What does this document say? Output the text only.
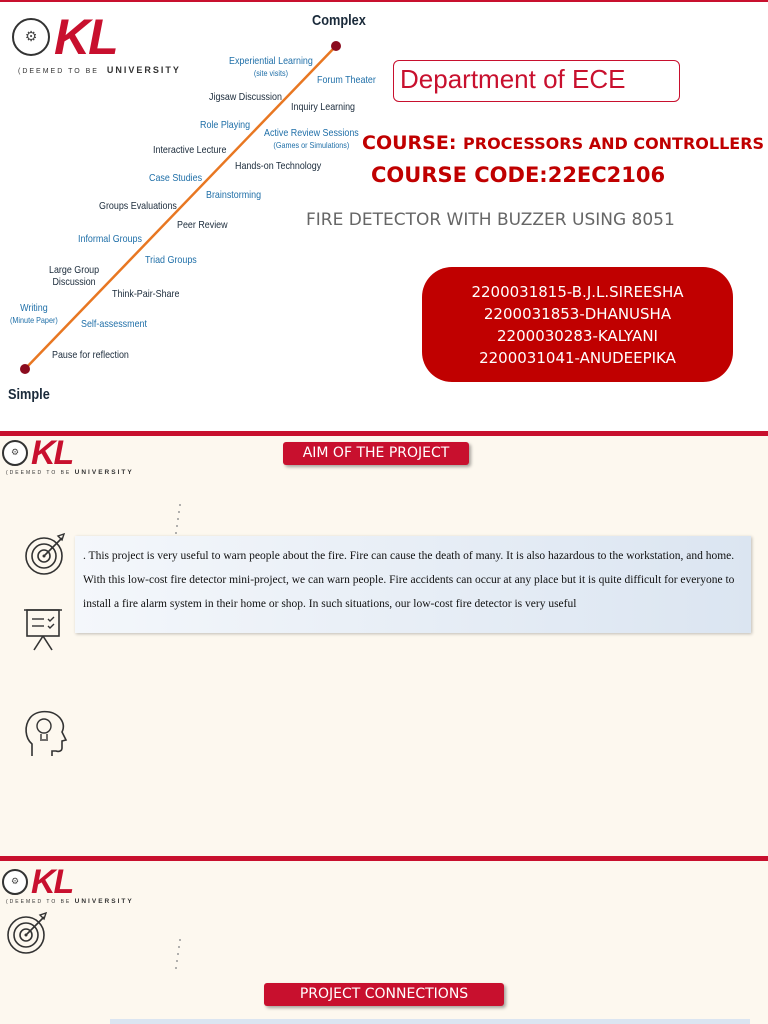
⚙ KL
(DEEMED TO BE UNIVERSITY
Complex
Simple
Experiential Learning
(site visits)
Jigsaw Discussion
Role Playing
Interactive Lecture
Case Studies
Groups Evaluations
Informal Groups
Large Group
Discussion
Writing
(Minute Paper)
Forum Theater
Inquiry Learning
Active Review Sessions
(Games or Simulations)
Hands-on Technology
Brainstorming
Peer Review
Triad Groups
Think-Pair-Share
Self-assessment
Pause for reflection
Department of ECE
COURSE: PROCESSORS AND CONTROLLERS
COURSE CODE:22EC2106
FIRE DETECTOR WITH BUZZER USING 8051
2200031815-B.J.L.SIREESHA
2200031853-DHANUSHA
2200030283-KALYANI
2200031041-ANUDEEPIKA
⚙ KL
(DEEMED TO BE UNIVERSITY
AIM OF THE PROJECT

. This project is very useful to warn people about the fire. Fire can cause the death of many. It is also hazardous to the workstation, and home. With this low-cost fire detector mini-project, we can warn people. Fire accidents can occur at any place but it is quite difficult for everyone to install a fire alarm system in their home or shop. In such situations, our low-cost fire detector is very useful

⚙ KL
(DEEMED TO BE UNIVERSITY
PROJECT CONNECTIONS
